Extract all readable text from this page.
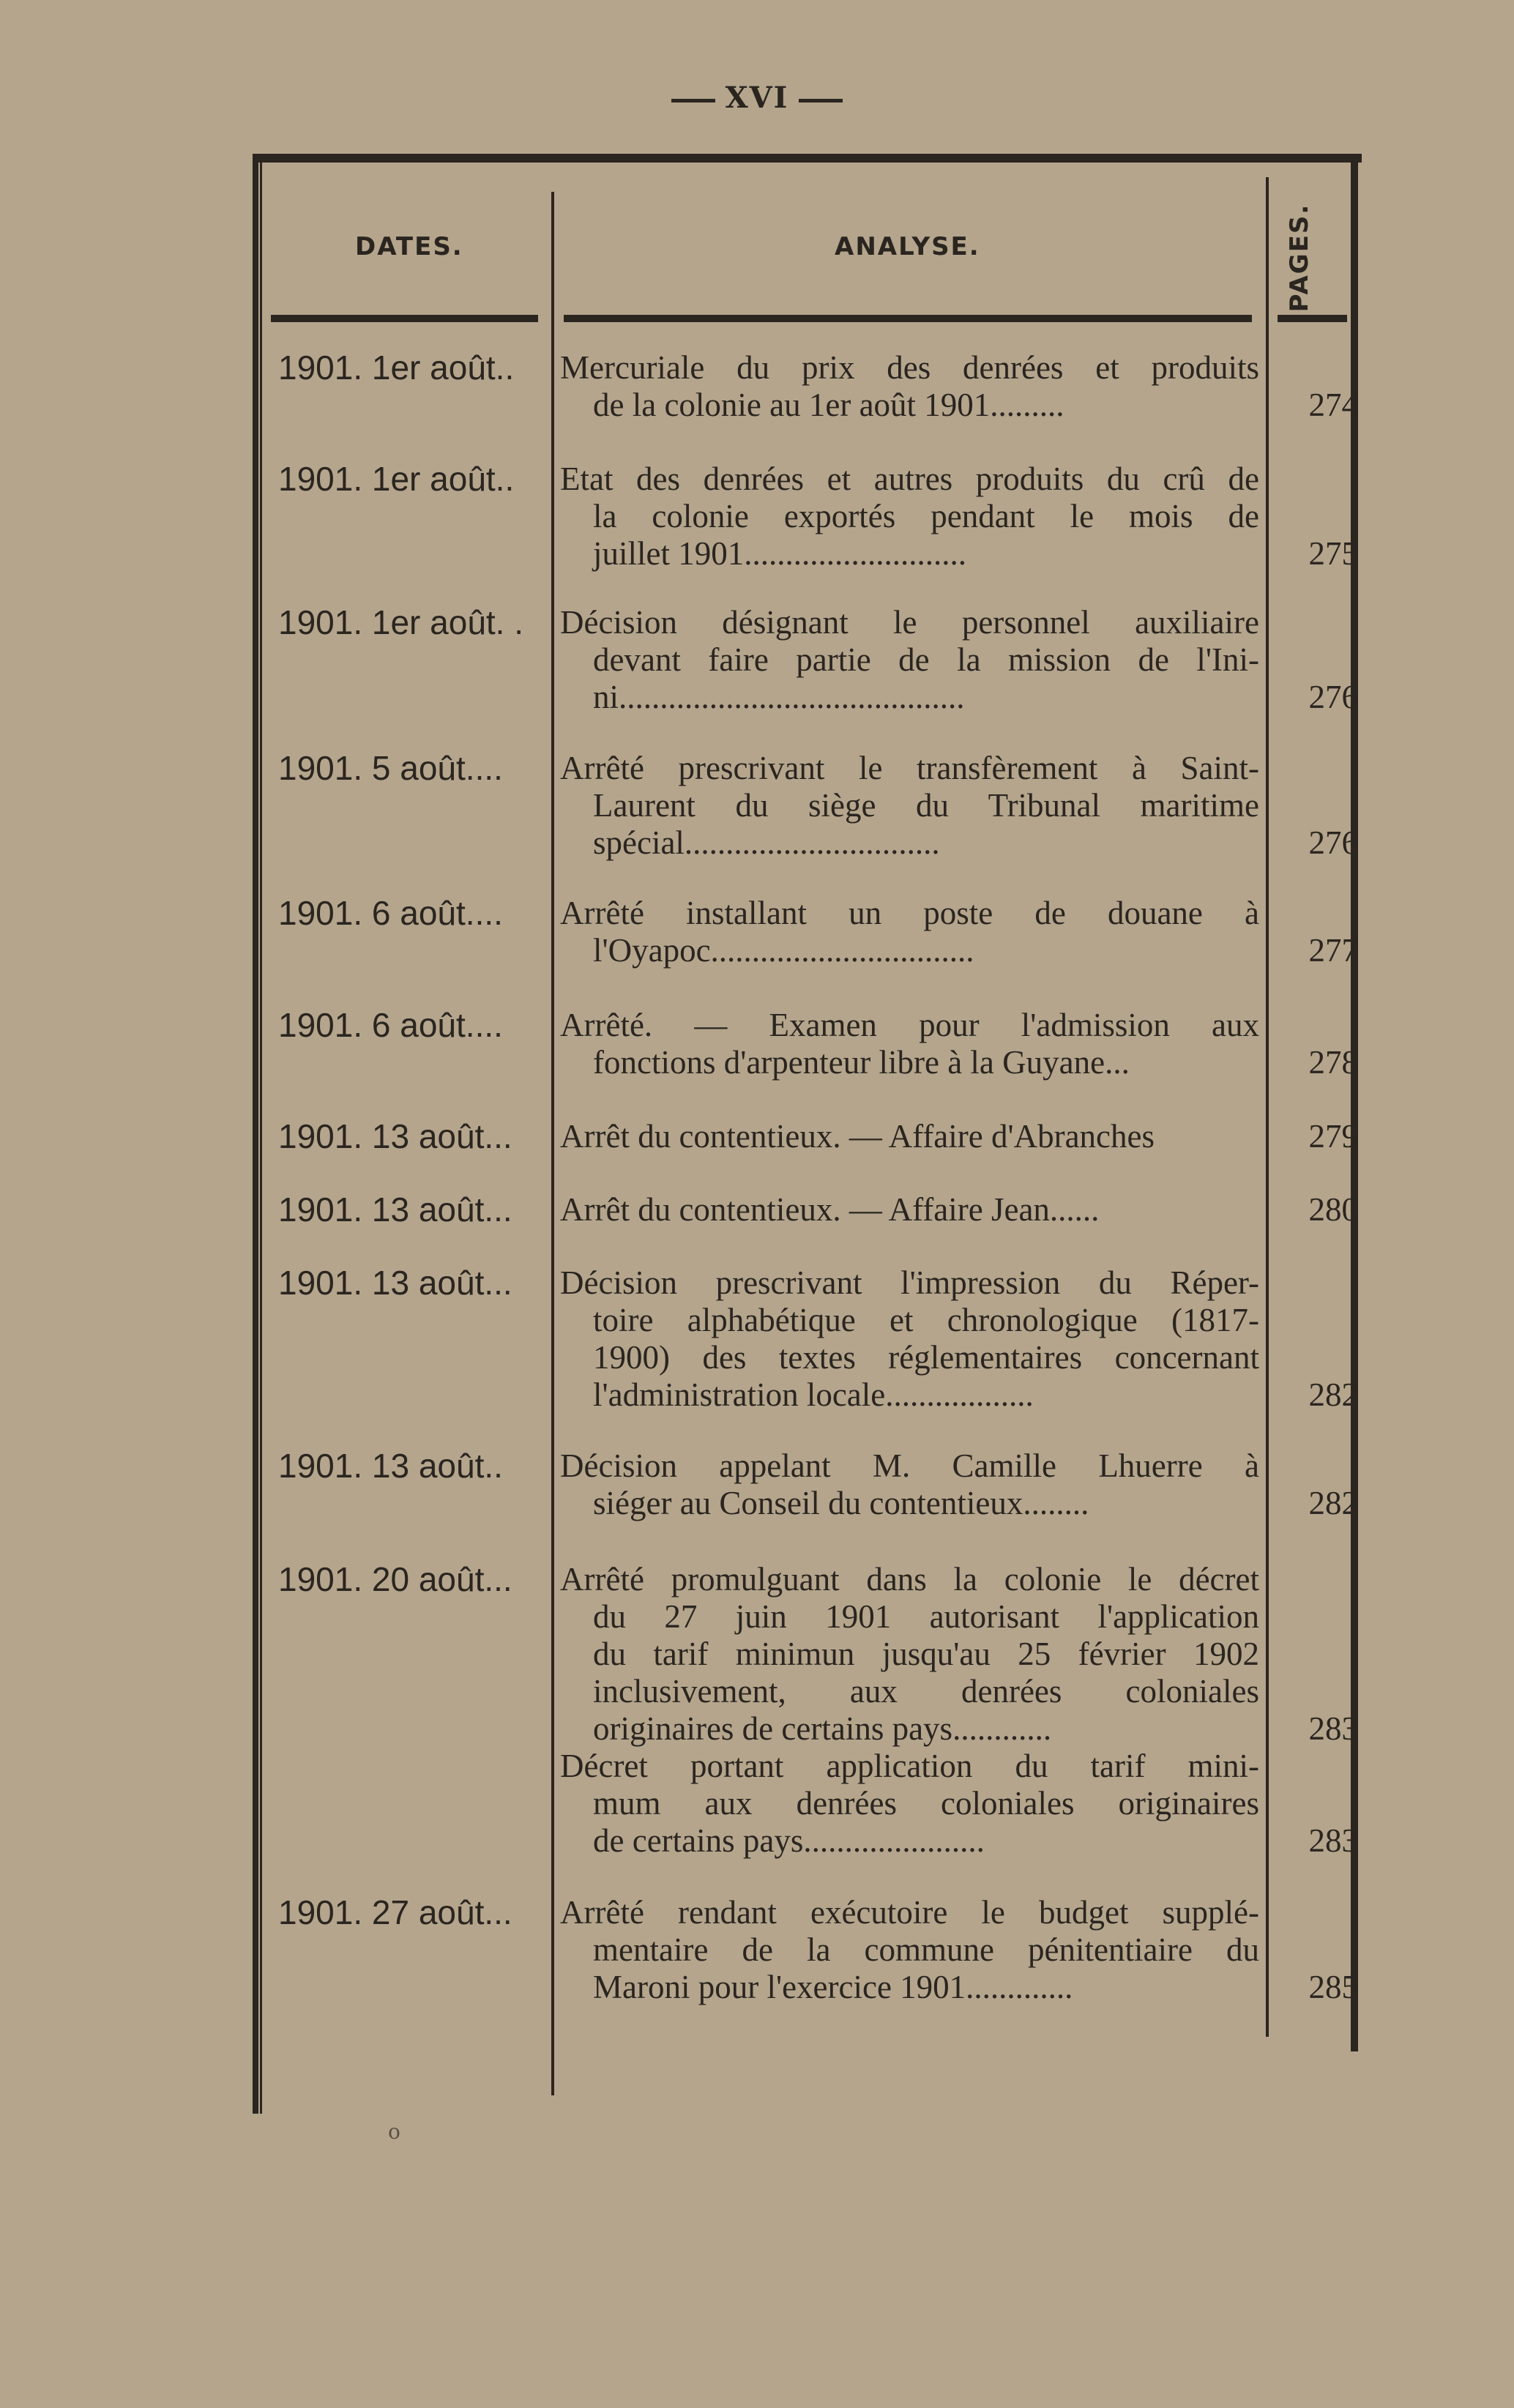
XVI
DATES.	ANALYSE.	PAGES.
1901. 1er août..	Mercuriale du prix des denrées et produits
de la colonie au 1er août 1901.........	274
1901. 1er août..	Etat des denrées et autres produits du crû de
la colonie exportés pendant le mois de
juillet 1901...........................	275
1901. 1er août. .	Décision désignant le personnel auxiliaire
devant faire partie de la mission de l'Ini-
ni..........................................	276
1901. 5 août....	Arrêté prescrivant le transfèrement à Saint-
Laurent du siège du Tribunal maritime
spécial...............................	276
1901. 6 août....	Arrêté installant un poste de douane à
l'Oyapoc................................	277
1901. 6 août....	Arrêté. — Examen pour l'admission aux
fonctions d'arpenteur libre à la Guyane...	278
1901. 13 août...	Arrêt du contentieux. — Affaire d'Abranches	279
1901. 13 août...	Arrêt du contentieux. — Affaire Jean......	280
1901. 13 août...	Décision prescrivant l'impression du Réper-
toire alphabétique et chronologique (1817-
1900) des textes réglementaires concernant
l'administration locale..................	282
1901. 13 août..	Décision appelant M. Camille Lhuerre à
siéger au Conseil du contentieux........	282
1901. 20 août...	Arrêté promulguant dans la colonie le décret
du 27 juin 1901 autorisant l'application
du tarif minimun jusqu'au 25 février 1902
inclusivement, aux denrées coloniales
originaires de certains pays............	283
Décret portant application du tarif mini-
mum aux denrées coloniales originaires
de certains pays......................	283
1901. 27 août...	Arrêté rendant exécutoire le budget supplé-
mentaire de la commune pénitentiaire du
Maroni pour l'exercice 1901.............	285
o
